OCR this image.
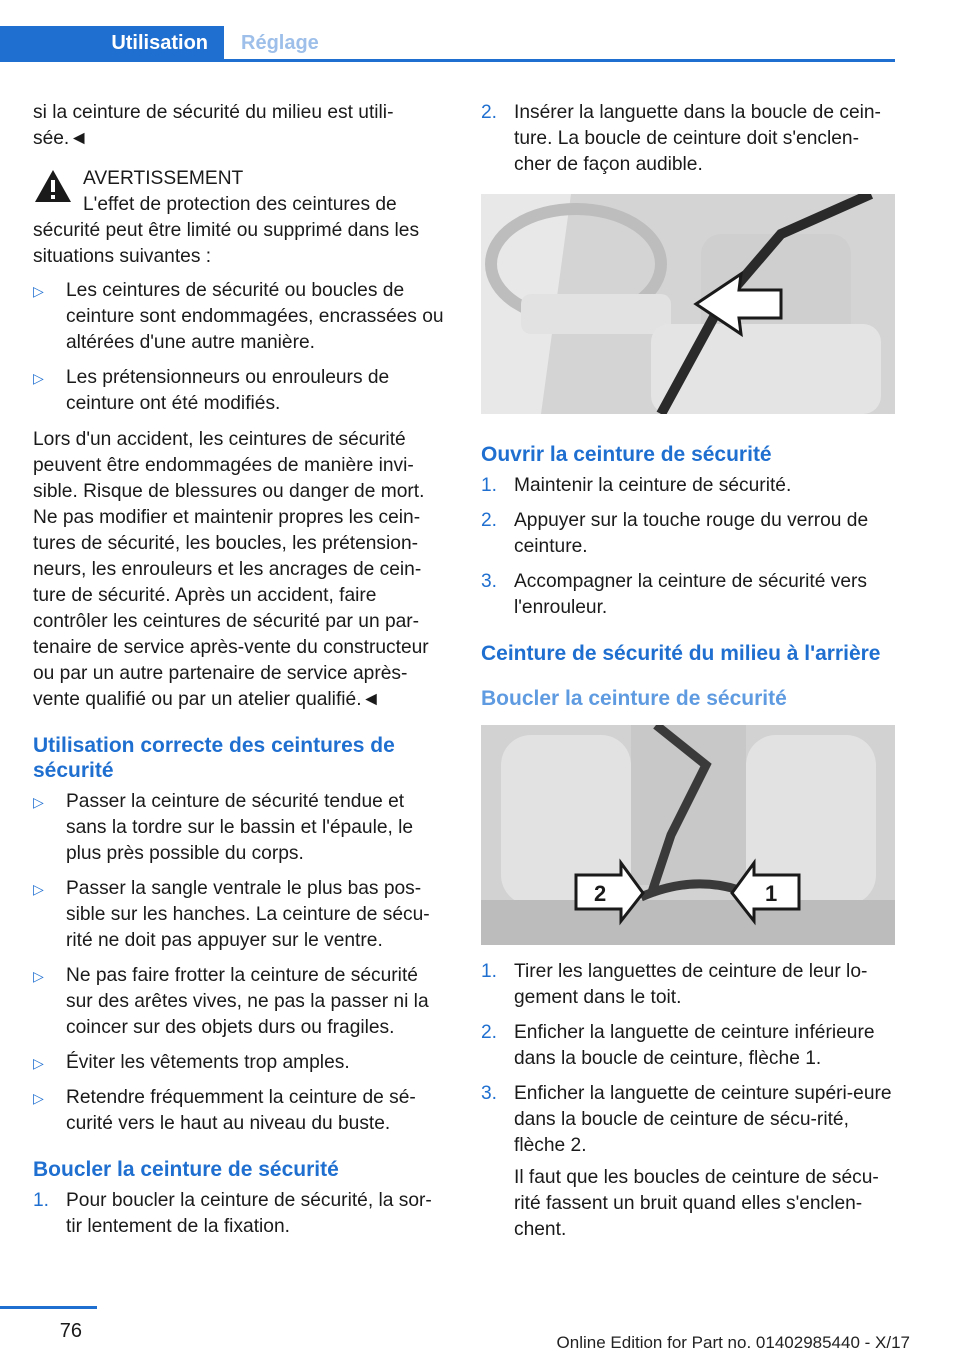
Utilisation	Réglage

si la ceinture de sécurité du milieu est utili-sée.◄

AVERTISSEMENT

L'effet de protection des ceintures de sécurité peut être limité ou supprimé dans les situations suivantes :

▷ Les ceintures de sécurité ou boucles de ceinture sont endommagées, encrassées ou altérées d'une autre manière.
▷ Les prétensionneurs ou enrouleurs de ceinture ont été modifiés.

Lors d'un accident, les ceintures de sécurité peuvent être endommagées de manière invi-sible. Risque de blessures ou danger de mort. Ne pas modifier et maintenir propres les cein-tures de sécurité, les boucles, les prétension-neurs, les enrouleurs et les ancrages de cein-ture de sécurité. Après un accident, faire contrôler les ceintures de sécurité par un par-tenaire de service après-vente du constructeur ou par un autre partenaire de service après-vente qualifié ou par un atelier qualifié.◄

Utilisation correcte des ceintures de sécurité
▷ Passer la ceinture de sécurité tendue et sans la tordre sur le bassin et l'épaule, le plus près possible du corps.
▷ Passer la sangle ventrale le plus bas pos-sible sur les hanches. La ceinture de sécu-rité ne doit pas appuyer sur le ventre.
▷ Ne pas faire frotter la ceinture de sécurité sur des arêtes vives, ne pas la passer ni la coincer sur des objets durs ou fragiles.
▷ Éviter les vêtements trop amples.
▷ Retendre fréquemment la ceinture de sé-curité vers le haut au niveau du buste.
Boucler la ceinture de sécurité
1. Pour boucler la ceinture de sécurité, la sor-tir lentement de la fixation.
2. Insérer la languette dans la boucle de cein-ture. La boucle de ceinture doit s'enclen-cher de façon audible.
Ouvrir la ceinture de sécurité
1. Maintenir la ceinture de sécurité.
2. Appuyer sur la touche rouge du verrou de ceinture.
3. Accompagner la ceinture de sécurité vers l'enrouleur.
Ceinture de sécurité du milieu à l'arrière
Boucler la ceinture de sécurité
2	1
1. Tirer les languettes de ceinture de leur lo-gement dans le toit.
2. Enficher la languette de ceinture inférieure dans la boucle de ceinture, flèche 1.
3. Enficher la languette de ceinture supéri-eure dans la boucle de ceinture de sécu-rité, flèche 2.

Il faut que les boucles de ceinture de sécu-rité fassent un bruit quand elles s'enclen-chent.

76
Online Edition for Part no. 01402985440 - X/17
